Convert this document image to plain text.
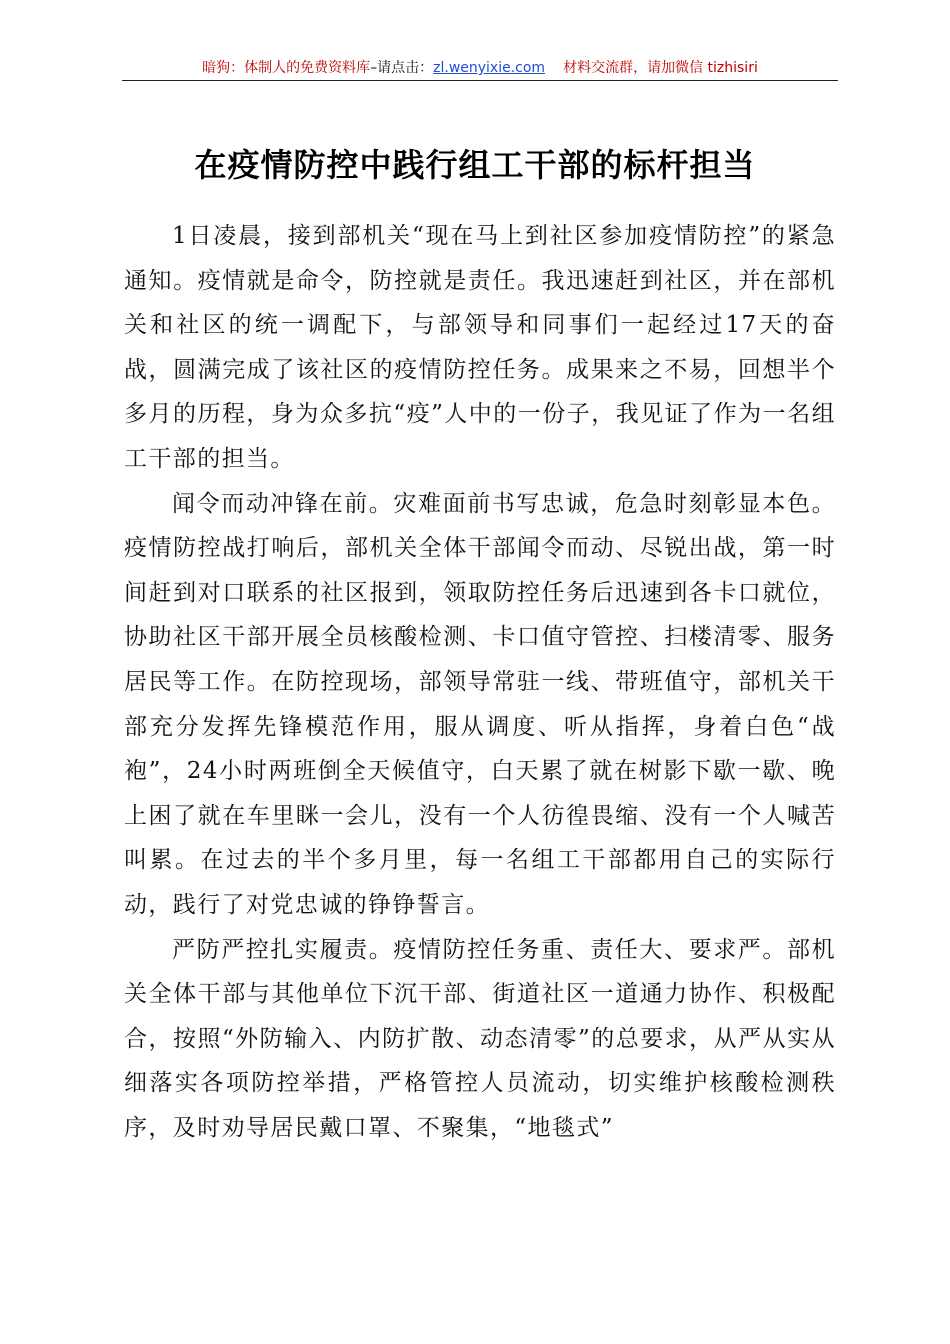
暗狗：体制人的免费资料库–请点击：zl.wenyixie.com 材料交流群，请加微信 tizhisiri
在疫情防控中践行组工干部的标杆担当

1日凌晨，接到部机关“现在马上到社区参加疫情防控”的紧急通知。疫情就是命令，防控就是责任。我迅速赶到社区，并在部机关和社区的统一调配下，与部领导和同事们一起经过17天的奋战，圆满完成了该社区的疫情防控任务。成果来之不易，回想半个多月的历程，身为众多抗“疫”人中的一份子，我见证了作为一名组工干部的担当。

闻令而动冲锋在前。灾难面前书写忠诚，危急时刻彰显本色。疫情防控战打响后，部机关全体干部闻令而动、尽锐出战，第一时间赶到对口联系的社区报到，领取防控任务后迅速到各卡口就位，协助社区干部开展全员核酸检测、卡口值守管控、扫楼清零、服务居民等工作。在防控现场，部领导常驻一线、带班值守，部机关干部充分发挥先锋模范作用，服从调度、听从指挥，身着白色“战袍”，24小时两班倒全天候值守，白天累了就在树影下歇一歇、晚上困了就在车里眯一会儿，没有一个人彷徨畏缩、没有一个人喊苦叫累。在过去的半个多月里，每一名组工干部都用自己的实际行动，践行了对党忠诚的铮铮誓言。

严防严控扎实履责。疫情防控任务重、责任大、要求严。部机关全体干部与其他单位下沉干部、街道社区一道通力协作、积极配合，按照“外防输入、内防扩散、动态清零”的总要求，从严从实从细落实各项防控举措，严格管控人员流动，切实维护核酸检测秩序，及时劝导居民戴口罩、不聚集，“地毯式”
